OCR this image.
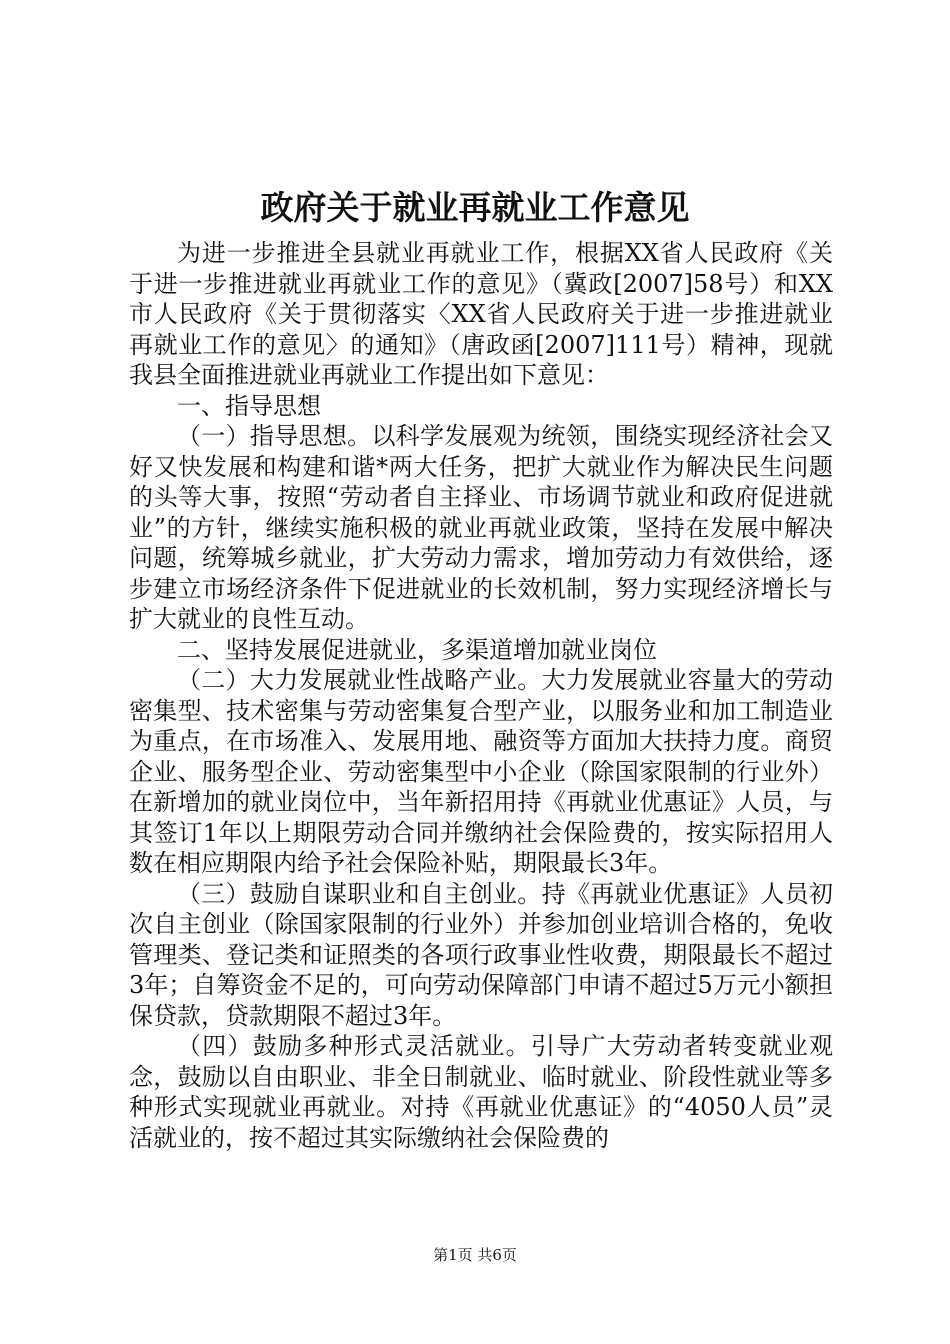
政府关于就业再就业工作意见

为进一步推进全县就业再就业工作，根据XX省人民政府《关于进一步推进就业再就业工作的意见》（冀政[2007]58号）和XX市人民政府《关于贯彻落实〈XX省人民政府关于进一步推进就业再就业工作的意见〉的通知》（唐政函[2007]111号）精神，现就我县全面推进就业再就业工作提出如下意见：

一、指导思想

（一）指导思想。以科学发展观为统领，围绕实现经济社会又好又快发展和构建和谐*两大任务，把扩大就业作为解决民生问题的头等大事，按照“劳动者自主择业、市场调节就业和政府促进就业”的方针，继续实施积极的就业再就业政策，坚持在发展中解决问题，统筹城乡就业，扩大劳动力需求，增加劳动力有效供给，逐步建立市场经济条件下促进就业的长效机制，努力实现经济增长与扩大就业的良性互动。

二、坚持发展促进就业，多渠道增加就业岗位

（二）大力发展就业性战略产业。大力发展就业容量大的劳动密集型、技术密集与劳动密集复合型产业，以服务业和加工制造业为重点，在市场准入、发展用地、融资等方面加大扶持力度。商贸企业、服务型企业、劳动密集型中小企业（除国家限制的行业外）在新增加的就业岗位中，当年新招用持《再就业优惠证》人员，与其签订1年以上期限劳动合同并缴纳社会保险费的，按实际招用人数在相应期限内给予社会保险补贴，期限最长3年。

（三）鼓励自谋职业和自主创业。持《再就业优惠证》人员初次自主创业（除国家限制的行业外）并参加创业培训合格的，免收管理类、登记类和证照类的各项行政事业性收费，期限最长不超过3年；自筹资金不足的，可向劳动保障部门申请不超过5万元小额担保贷款，贷款期限不超过3年。

（四）鼓励多种形式灵活就业。引导广大劳动者转变就业观念，鼓励以自由职业、非全日制就业、临时就业、阶段性就业等多种形式实现就业再就业。对持《再就业优惠证》的“4050人员”灵活就业的，按不超过其实际缴纳社会保险费的

第1页 共6页
